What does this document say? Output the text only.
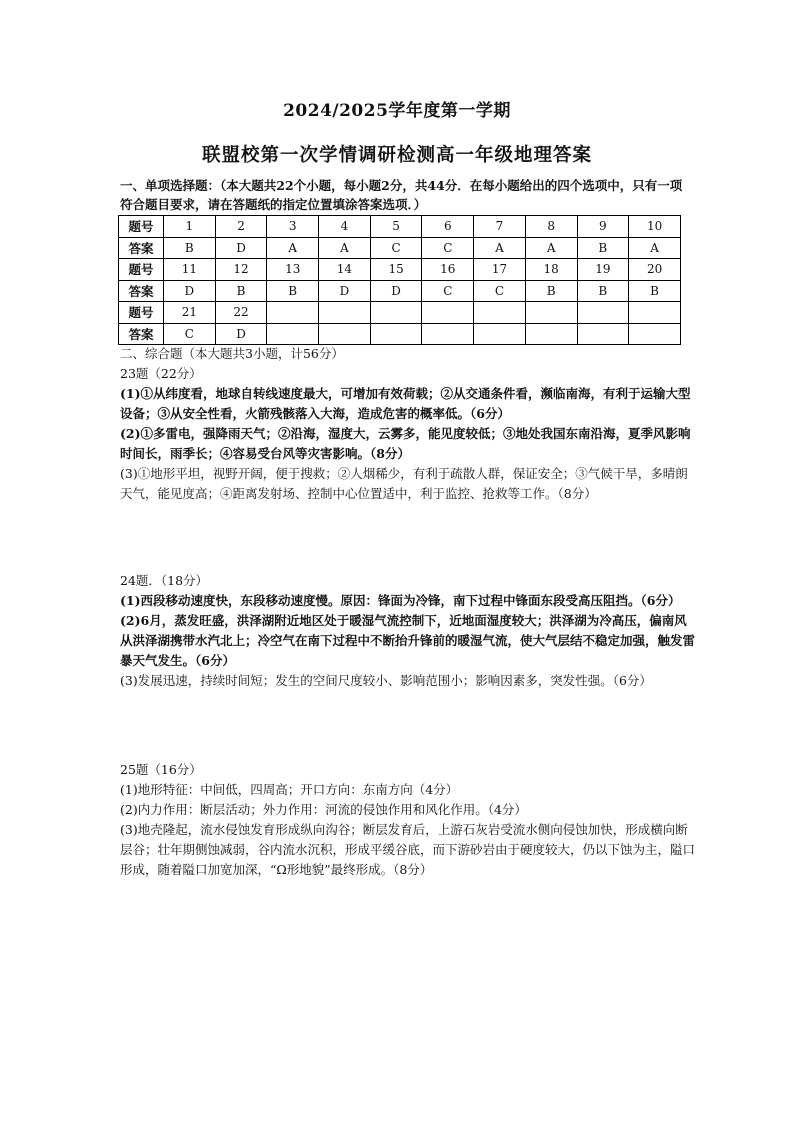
2024/2025学年度第一学期
联盟校第一次学情调研检测高一年级地理答案
一、单项选择题：（本大题共22个小题，每小题2分，共44分．在每小题给出的四个选项中，只有一项符合题目要求，请在答题纸的指定位置填涂答案选项．）
题号	1	2	3	4	5	6	7	8	9	10
答案	B	D	A	A	C	C	A	A	B	A
题号	11	12	13	14	15	16	17	18	19	20
答案	D	B	B	D	D	C	C	B	B	B
题号	21	22								
答案	C	D								

二、综合题（本大题共3小题，计56分）

23题（22分）

(1)①从纬度看，地球自转线速度最大，可增加有效荷载；②从交通条件看，濒临南海，有利于运输大型设备；③从安全性看，火箭残骸落入大海，造成危害的概率低。（6分）

(2)①多雷电，强降雨天气；②沿海，湿度大，云雾多，能见度较低；③地处我国东南沿海，夏季风影响时间长，雨季长；④容易受台风等灾害影响。（8分）

(3)①地形平坦，视野开阔，便于搜救；②人烟稀少，有利于疏散人群，保证安全；③气候干旱，多晴朗天气，能见度高；④距离发射场、控制中心位置适中，利于监控、抢救等工作。（8分）

24题．（18分）

(1)西段移动速度快，东段移动速度慢。原因：锋面为冷锋，南下过程中锋面东段受高压阻挡。（6分）

(2)6月，蒸发旺盛，洪泽湖附近地区处于暖湿气流控制下，近地面湿度较大；洪泽湖为冷高压，偏南风从洪泽湖携带水汽北上；冷空气在南下过程中不断抬升锋前的暖湿气流，使大气层结不稳定加强，触发雷暴天气发生。（6分）

(3)发展迅速，持续时间短；发生的空间尺度较小、影响范围小；影响因素多，突发性强。（6分）

25题（16分）

(1)地形特征：中间低，四周高；开口方向：东南方向（4分）

(2)内力作用：断层活动；外力作用：河流的侵蚀作用和风化作用。（4分）

(3)地壳隆起，流水侵蚀发育形成纵向沟谷；断层发育后，上游石灰岩受流水侧向侵蚀加快，形成横向断层谷；壮年期侧蚀减弱，谷内流水沉积，形成平缓谷底，而下游砂岩由于硬度较大，仍以下蚀为主，隘口形成，随着隘口加宽加深，“Ω形地貌”最终形成。（8分）
